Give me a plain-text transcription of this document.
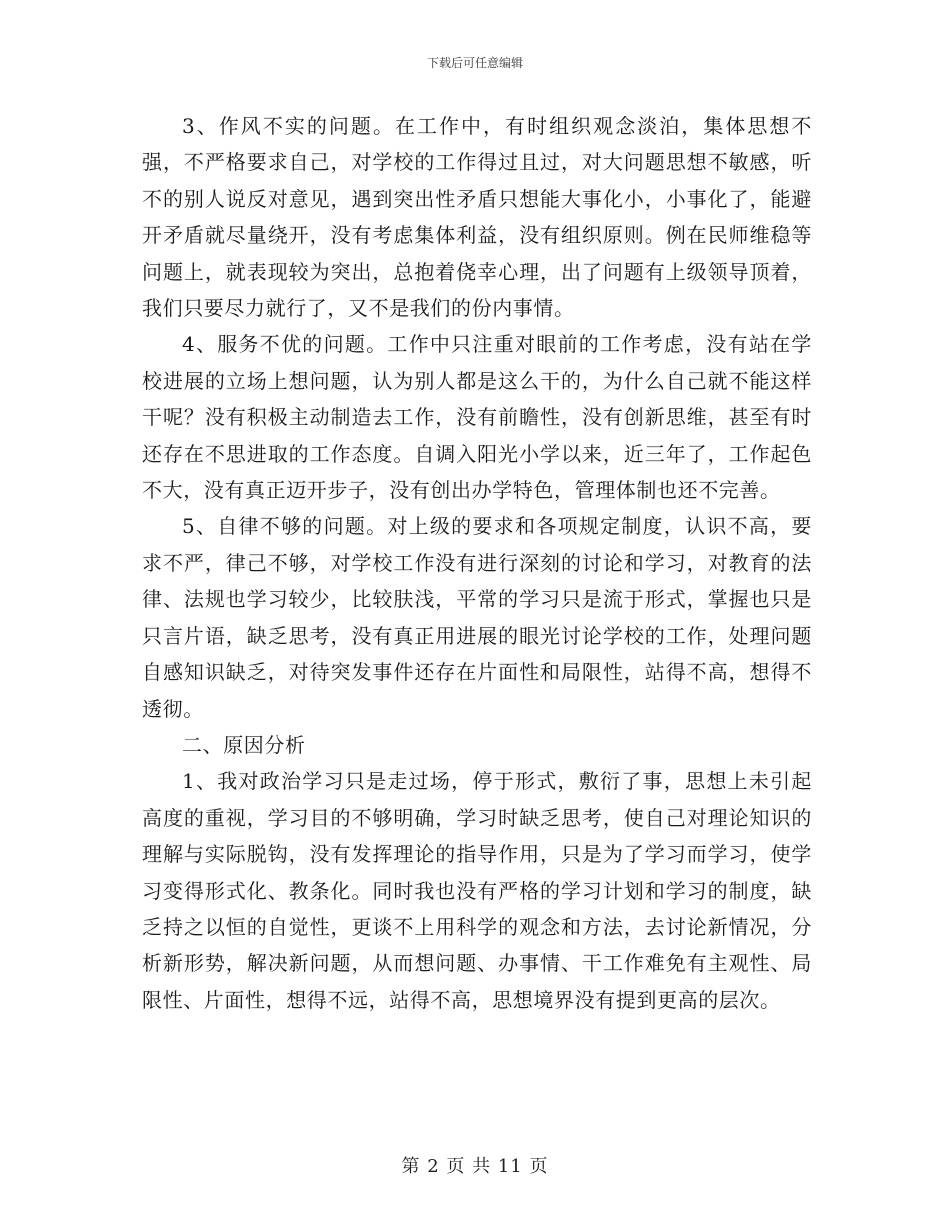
下载后可任意编辑

3、作风不实的问题。在工作中，有时组织观念淡泊，集体思想不强，不严格要求自己，对学校的工作得过且过，对大问题思想不敏感，听不的别人说反对意见，遇到突出性矛盾只想能大事化小，小事化了，能避开矛盾就尽量绕开，没有考虑集体利益，没有组织原则。例在民师维稳等问题上，就表现较为突出，总抱着侥幸心理，出了问题有上级领导顶着，我们只要尽力就行了，又不是我们的份内事情。

4、服务不优的问题。工作中只注重对眼前的工作考虑，没有站在学校进展的立场上想问题，认为别人都是这么干的，为什么自己就不能这样干呢？没有积极主动制造去工作，没有前瞻性，没有创新思维，甚至有时还存在不思进取的工作态度。自调入阳光小学以来，近三年了，工作起色不大，没有真正迈开步子，没有创出办学特色，管理体制也还不完善。

5、自律不够的问题。对上级的要求和各项规定制度，认识不高，要求不严，律己不够，对学校工作没有进行深刻的讨论和学习，对教育的法律、法规也学习较少，比较肤浅，平常的学习只是流于形式，掌握也只是只言片语，缺乏思考，没有真正用进展的眼光讨论学校的工作，处理问题自感知识缺乏，对待突发事件还存在片面性和局限性，站得不高，想得不透彻。

二、原因分析

1、我对政治学习只是走过场，停于形式，敷衍了事，思想上未引起高度的重视，学习目的不够明确，学习时缺乏思考，使自己对理论知识的理解与实际脱钩，没有发挥理论的指导作用，只是为了学习而学习，使学习变得形式化、教条化。同时我也没有严格的学习计划和学习的制度，缺乏持之以恒的自觉性，更谈不上用科学的观念和方法，去讨论新情况，分析新形势，解决新问题，从而想问题、办事情、干工作难免有主观性、局限性、片面性，想得不远，站得不高，思想境界没有提到更高的层次。

第 2 页 共 11 页
